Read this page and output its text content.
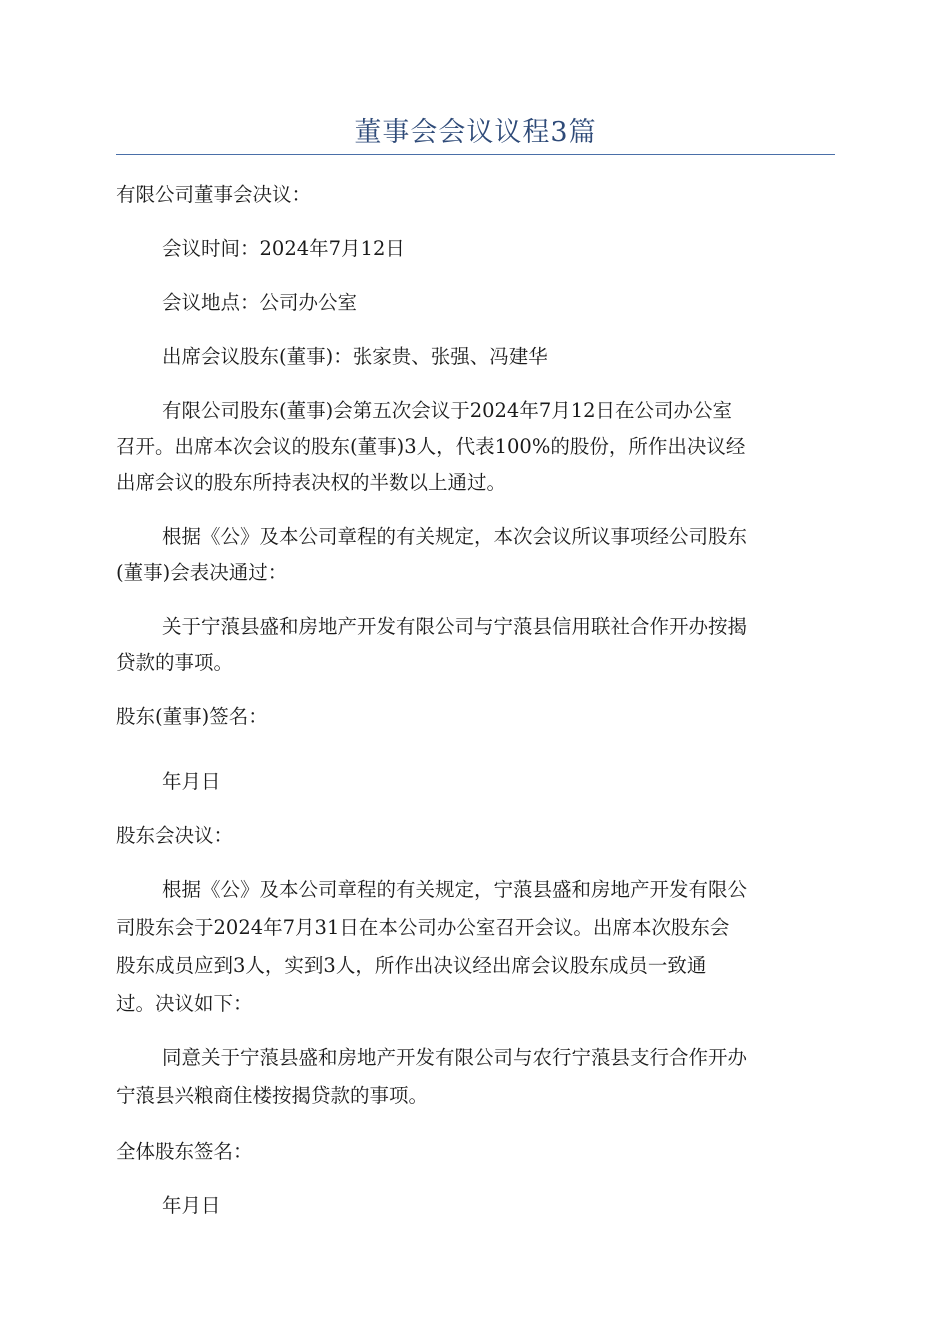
董事会会议议程3篇

有限公司董事会决议：

会议时间：2024年7月12日

会议地点：公司办公室

出席会议股东(董事)：张家贵、张强、冯建华

有限公司股东(董事)会第五次会议于2024年7月12日在公司办公室

召开。出席本次会议的股东(董事)3人，代表100%的股份，所作出决议经

出席会议的股东所持表决权的半数以上通过。

根据《公》及本公司章程的有关规定，本次会议所议事项经公司股东

(董事)会表决通过：

关于宁蒗县盛和房地产开发有限公司与宁蒗县信用联社合作开办按揭

贷款的事项。

股东(董事)签名：

年月日

股东会决议：

根据《公》及本公司章程的有关规定，宁蒗县盛和房地产开发有限公

司股东会于2024年7月31日在本公司办公室召开会议。出席本次股东会

股东成员应到3人，实到3人，所作出决议经出席会议股东成员一致通

过。决议如下：

同意关于宁蒗县盛和房地产开发有限公司与农行宁蒗县支行合作开办

宁蒗县兴粮商住楼按揭贷款的事项。

全体股东签名：

年月日
